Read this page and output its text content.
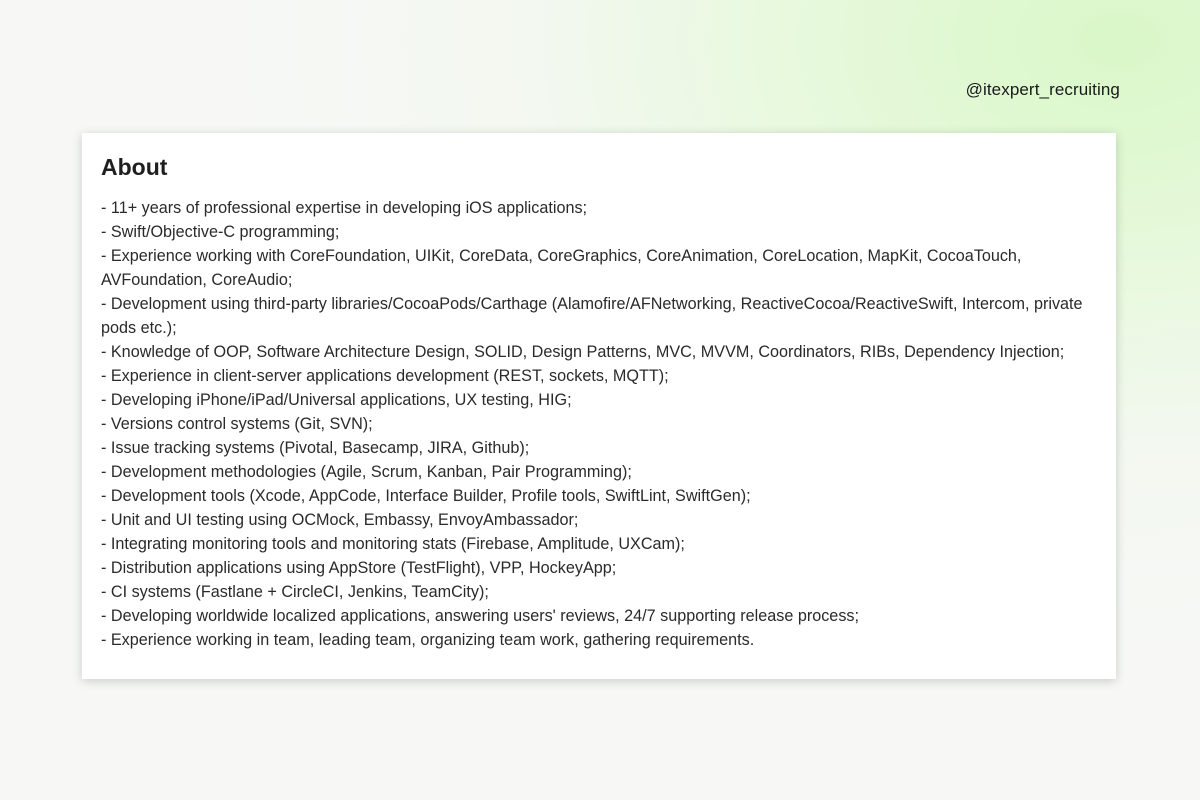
@itexpert_recruiting
About
- 11+ years of professional expertise in developing iOS applications;
- Swift/Objective-C programming;
- Experience working with CoreFoundation, UIKit, CoreData, CoreGraphics, CoreAnimation, CoreLocation, MapKit, CocoaTouch, AVFoundation, CoreAudio;
- Development using third-party libraries/CocoaPods/Carthage (Alamofire/AFNetworking, ReactiveCocoa/ReactiveSwift, Intercom, private pods etc.);
- Knowledge of OOP, Software Architecture Design, SOLID, Design Patterns, MVC, MVVM, Coordinators, RIBs, Dependency Injection;
- Experience in client-server applications development (REST, sockets, MQTT);
- Developing iPhone/iPad/Universal applications, UX testing, HIG;
- Versions control systems (Git, SVN);
- Issue tracking systems (Pivotal, Basecamp, JIRA, Github);
- Development methodologies (Agile, Scrum, Kanban, Pair Programming);
- Development tools (Xcode, AppCode, Interface Builder, Profile tools, SwiftLint, SwiftGen);
- Unit and UI testing using OCMock, Embassy, EnvoyAmbassador;
- Integrating monitoring tools and monitoring stats (Firebase, Amplitude, UXCam);
- Distribution applications using AppStore (TestFlight), VPP, HockeyApp;
- CI systems (Fastlane + CircleCI, Jenkins, TeamCity);
- Developing worldwide localized applications, answering users' reviews, 24/7 supporting release process;
- Experience working in team, leading team, organizing team work, gathering requirements.
